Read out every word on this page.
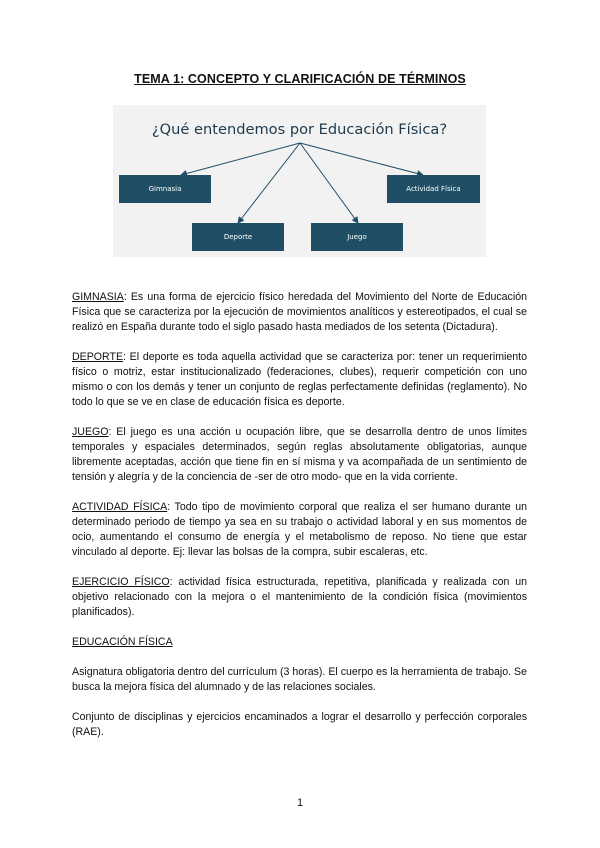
TEMA 1: CONCEPTO Y CLARIFICACIÓN DE TÉRMINOS
¿Qué entendemos por Educación Física?
Gimnasia	Actividad Física
Deporte	Juego

GIMNASIA: Es una forma de ejercicio físico heredada del Movimiento del Norte de Educación Física que se caracteriza por la ejecución de movimientos analíticos y estereotipados, el cual se realizó en España durante todo el siglo pasado hasta mediados de los setenta (Dictadura).

DEPORTE: El deporte es toda aquella actividad que se caracteriza por: tener un requerimiento físico o motriz, estar institucionalizado (federaciones, clubes), requerir competición con uno mismo o con los demás y tener un conjunto de reglas perfectamente definidas (reglamento). No todo lo que se ve en clase de educación física es deporte.

JUEGO: El juego es una acción u ocupación libre, que se desarrolla dentro de unos límites temporales y espaciales determinados, según reglas absolutamente obligatorias, aunque libremente aceptadas, acción que tiene fin en sí misma y va acompañada de un sentimiento de tensión y alegría y de la conciencia de -ser de otro modo- que en la vida corriente.

ACTIVIDAD FÍSICA: Todo tipo de movimiento corporal que realiza el ser humano durante un determinado periodo de tiempo ya sea en su trabajo o actividad laboral y en sus momentos de ocio, aumentando el consumo de energía y el metabolismo de reposo. No tiene que estar vinculado al deporte. Ej: llevar las bolsas de la compra, subir escaleras, etc.

EJERCICIO FÍSICO: actividad física estructurada, repetitiva, planificada y realizada con un objetivo relacionado con la mejora o el mantenimiento de la condición física (movimientos planificados).

EDUCACIÓN FÍSICA

Asignatura obligatoria dentro del currículum (3 horas). El cuerpo es la herramienta de trabajo. Se busca la mejora física del alumnado y de las relaciones sociales.

Conjunto de disciplinas y ejercicios encaminados a lograr el desarrollo y perfección corporales (RAE).

1
